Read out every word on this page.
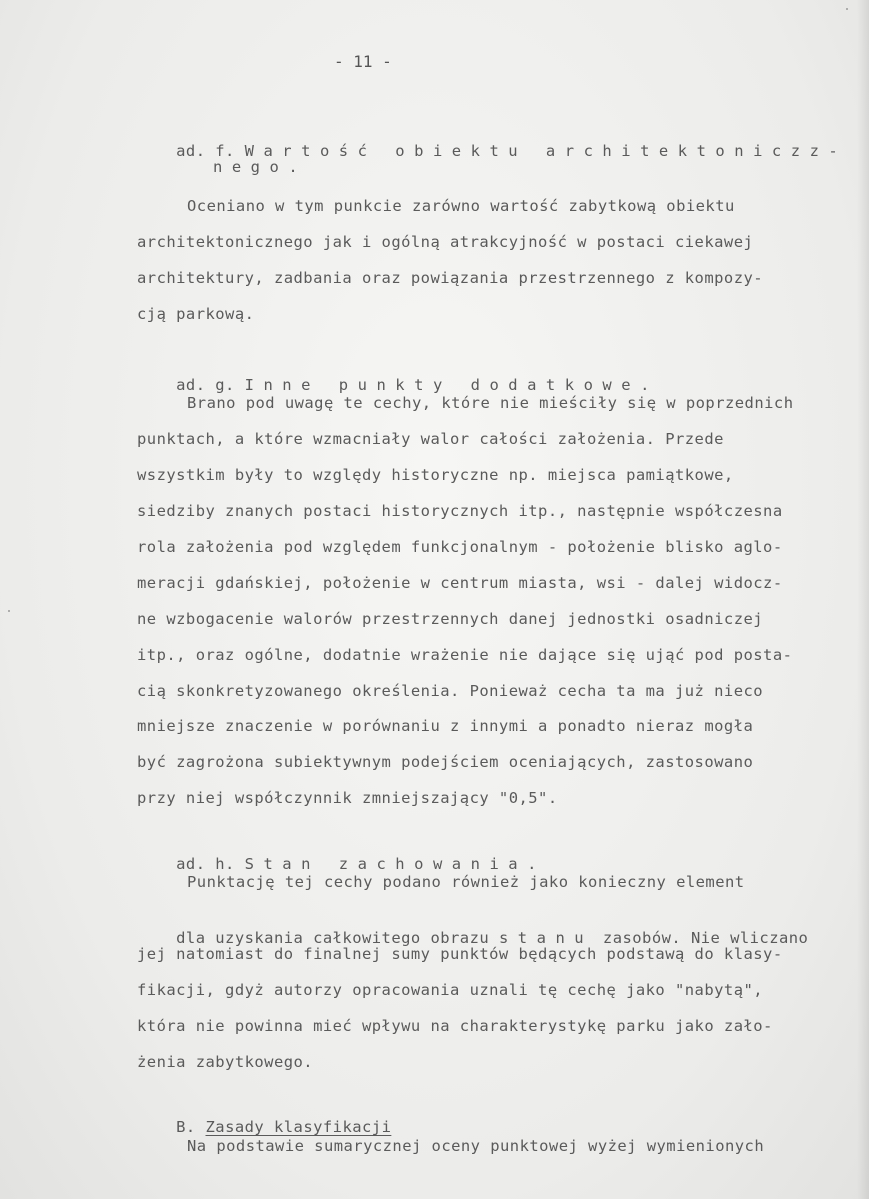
- 11 -

ad. f. Wartość obiektu architektoniczz-

nego.
Oceniano w tym punkcie zarówno wartość zabytkową obiektu
architektonicznego jak i ogólną atrakcyjność w postaci ciekawej
architektury, zadbania oraz powiązania przestrzennego z kompozy-
cją parkową.

ad. g. Inne punkty dodatkowe.

Brano pod uwagę te cechy, które nie mieściły się w poprzednich
punktach, a które wzmacniały walor całości założenia. Przede
wszystkim były to względy historyczne np. miejsca pamiątkowe,
siedziby znanych postaci historycznych itp., następnie współczesna
rola założenia pod względem funkcjonalnym - położenie blisko aglo-
meracji gdańskiej, położenie w centrum miasta, wsi - dalej widocz-
ne wzbogacenie walorów przestrzennych danej jednostki osadniczej
itp., oraz ogólne, dodatnie wrażenie nie dające się ująć pod posta-
cią skonkretyzowanego określenia. Ponieważ cecha ta ma już nieco
mniejsze znaczenie w porównaniu z innymi a ponadto nieraz mogła
być zagrożona subiektywnym podejściem oceniających, zastosowano
przy niej współczynnik zmniejszający "0,5".

ad. h. Stan zachowania.

Punktację tej cechy podano również jako konieczny element

dla uzyskania całkowitego obrazu stanu zasobów. Nie wliczano

jej natomiast do finalnej sumy punktów będących podstawą do klasy-
fikacji, gdyż autorzy opracowania uznali tę cechę jako "nabytą",
która nie powinna mieć wpływu na charakterystykę parku jako zało-
żenia zabytkowego.

B. Zasady klasyfikacji

Na podstawie sumarycznej oceny punktowej wyżej wymienionych
